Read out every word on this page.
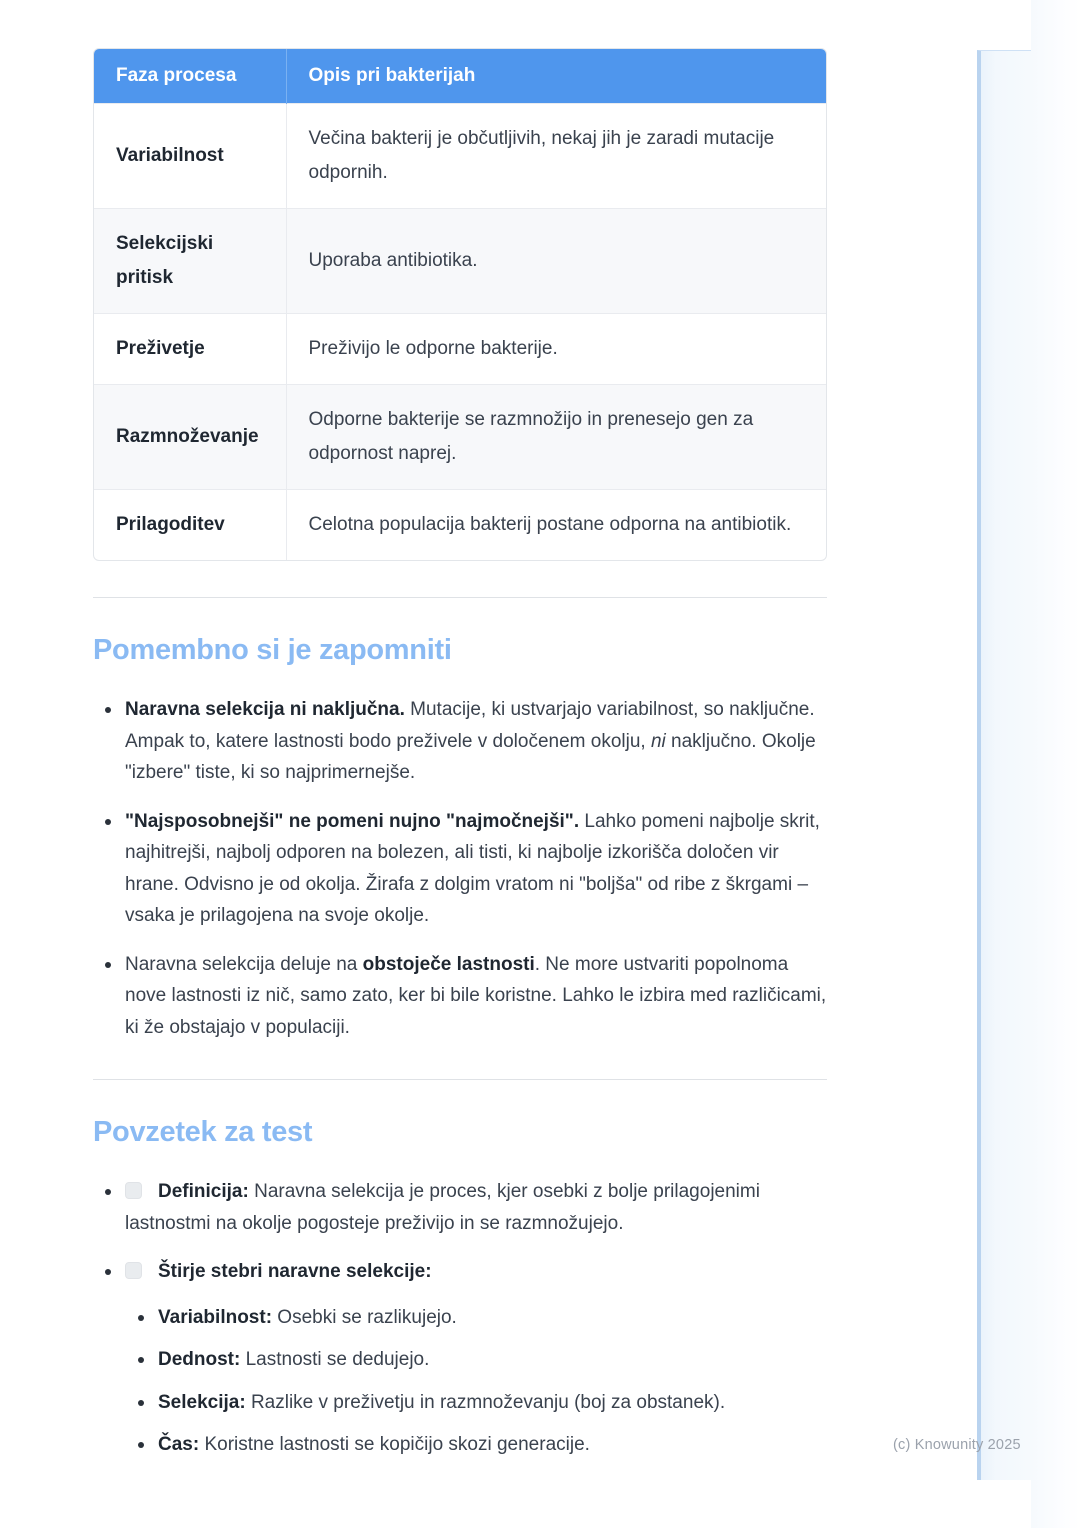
Faza procesa	Opis pri bakterijah
Variabilnost	Večina bakterij je občutljivih, nekaj jih je zaradi mutacije odpornih.
Selekcijski pritisk	Uporaba antibiotika.
Preživetje	Preživijo le odporne bakterije.
Razmnoževanje	Odporne bakterije se razmnožijo in prenesejo gen za odpornost naprej.
Prilagoditev	Celotna populacija bakterij postane odporna na antibiotik.
Pomembno si je zapomniti
Naravna selekcija ni naključna. Mutacije, ki ustvarjajo variabilnost, so naključne. Ampak to, katere lastnosti bodo preživele v določenem okolju, ni naključno. Okolje "izbere" tiste, ki so najprimernejše.
"Najsposobnejši" ne pomeni nujno "najmočnejši". Lahko pomeni najbolje skrit, najhitrejši, najbolj odporen na bolezen, ali tisti, ki najbolje izkorišča določen vir hrane. Odvisno je od okolja. Žirafa z dolgim vratom ni "boljša" od ribe z škrgami – vsaka je prilagojena na svoje okolje.
Naravna selekcija deluje na obstoječe lastnosti. Ne more ustvariti popolnoma nove lastnosti iz nič, samo zato, ker bi bile koristne. Lahko le izbira med različicami, ki že obstajajo v populaciji.
Povzetek za test
Definicija: Naravna selekcija je proces, kjer osebki z bolje prilagojenimi lastnostmi na okolje pogosteje preživijo in se razmnožujejo.
Štirje stebri naravne selekcije:
Variabilnost: Osebki se razlikujejo.
Dednost: Lastnosti se dedujejo.
Selekcija: Razlike v preživetju in razmnoževanju (boj za obstanek).
Čas: Koristne lastnosti se kopičijo skozi generacije.	(c) Knowunity 2025
